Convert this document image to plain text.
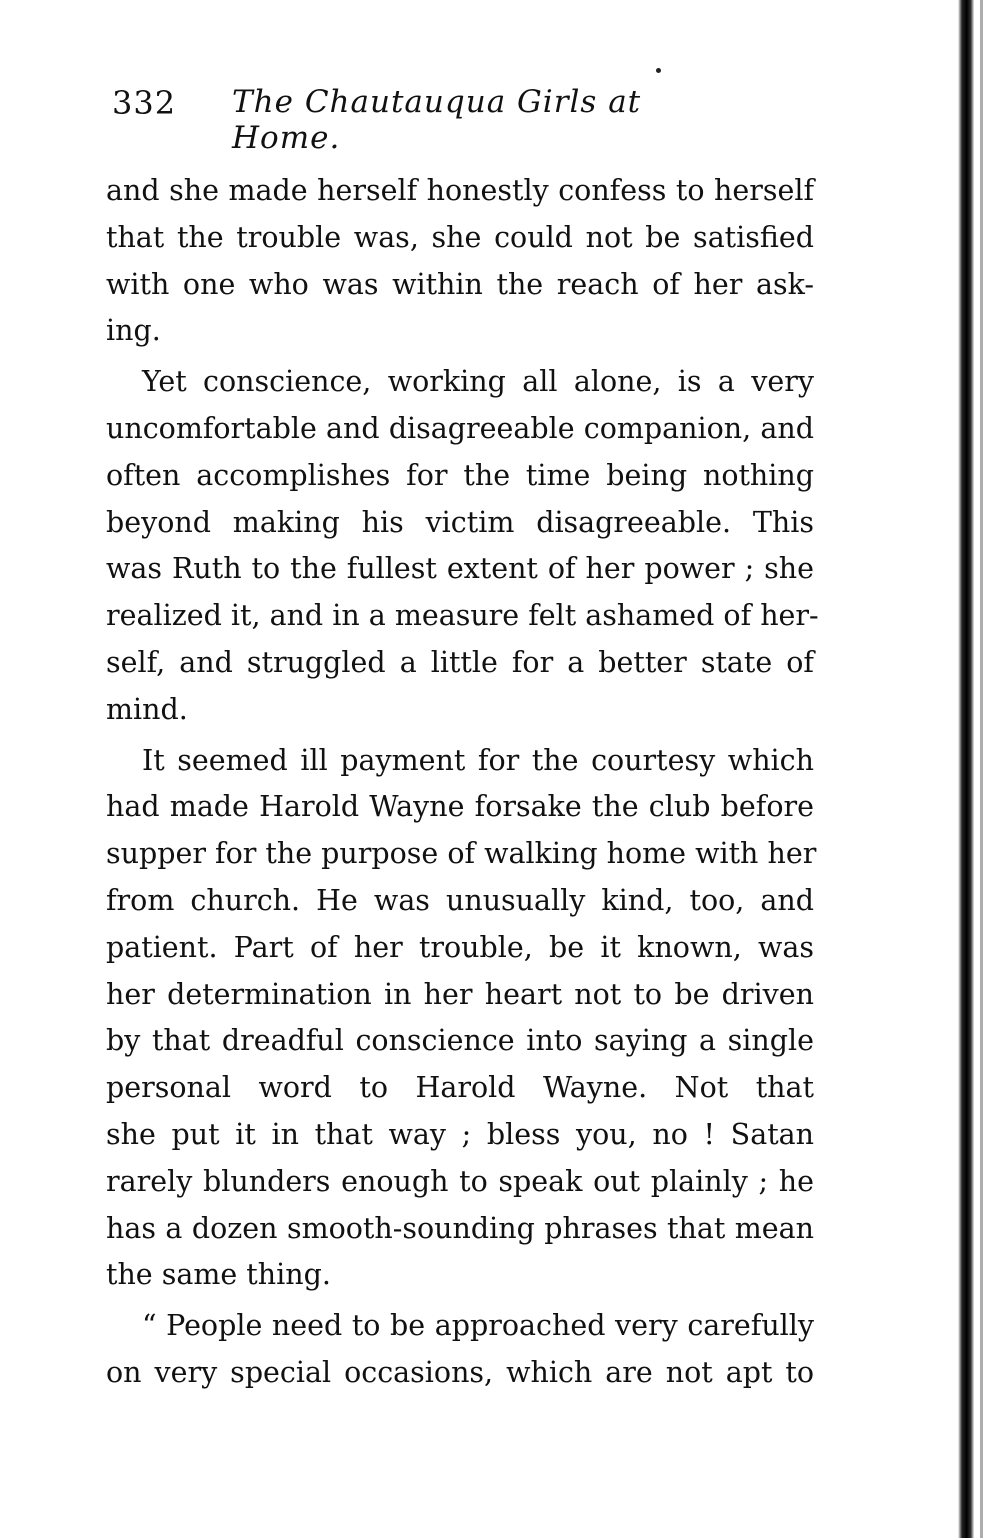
332 The Chautauqua Girls at Home.

and she made herself honestly confess to herself
that the trouble was, she could not be satisfied
with one who was within the reach of her ask-
ing.

Yet conscience, working all alone, is a very
uncomfortable and disagreeable companion, and
often accomplishes for the time being nothing
beyond making his victim disagreeable. This
was Ruth to the fullest extent of her power ; she
realized it, and in a measure felt ashamed of her-
self, and struggled a little for a better state of
mind.

It seemed ill payment for the courtesy which
had made Harold Wayne forsake the club before
supper for the purpose of walking home with her
from church. He was unusually kind, too, and
patient. Part of her trouble, be it known, was
her determination in her heart not to be driven
by that dreadful conscience into saying a single
personal word to Harold Wayne. Not that
she put it in that way ; bless you, no ! Satan
rarely blunders enough to speak out plainly ; he
has a dozen smooth-sounding phrases that mean
the same thing.

“ People need to be approached very carefully
on very special occasions, which are not apt to
